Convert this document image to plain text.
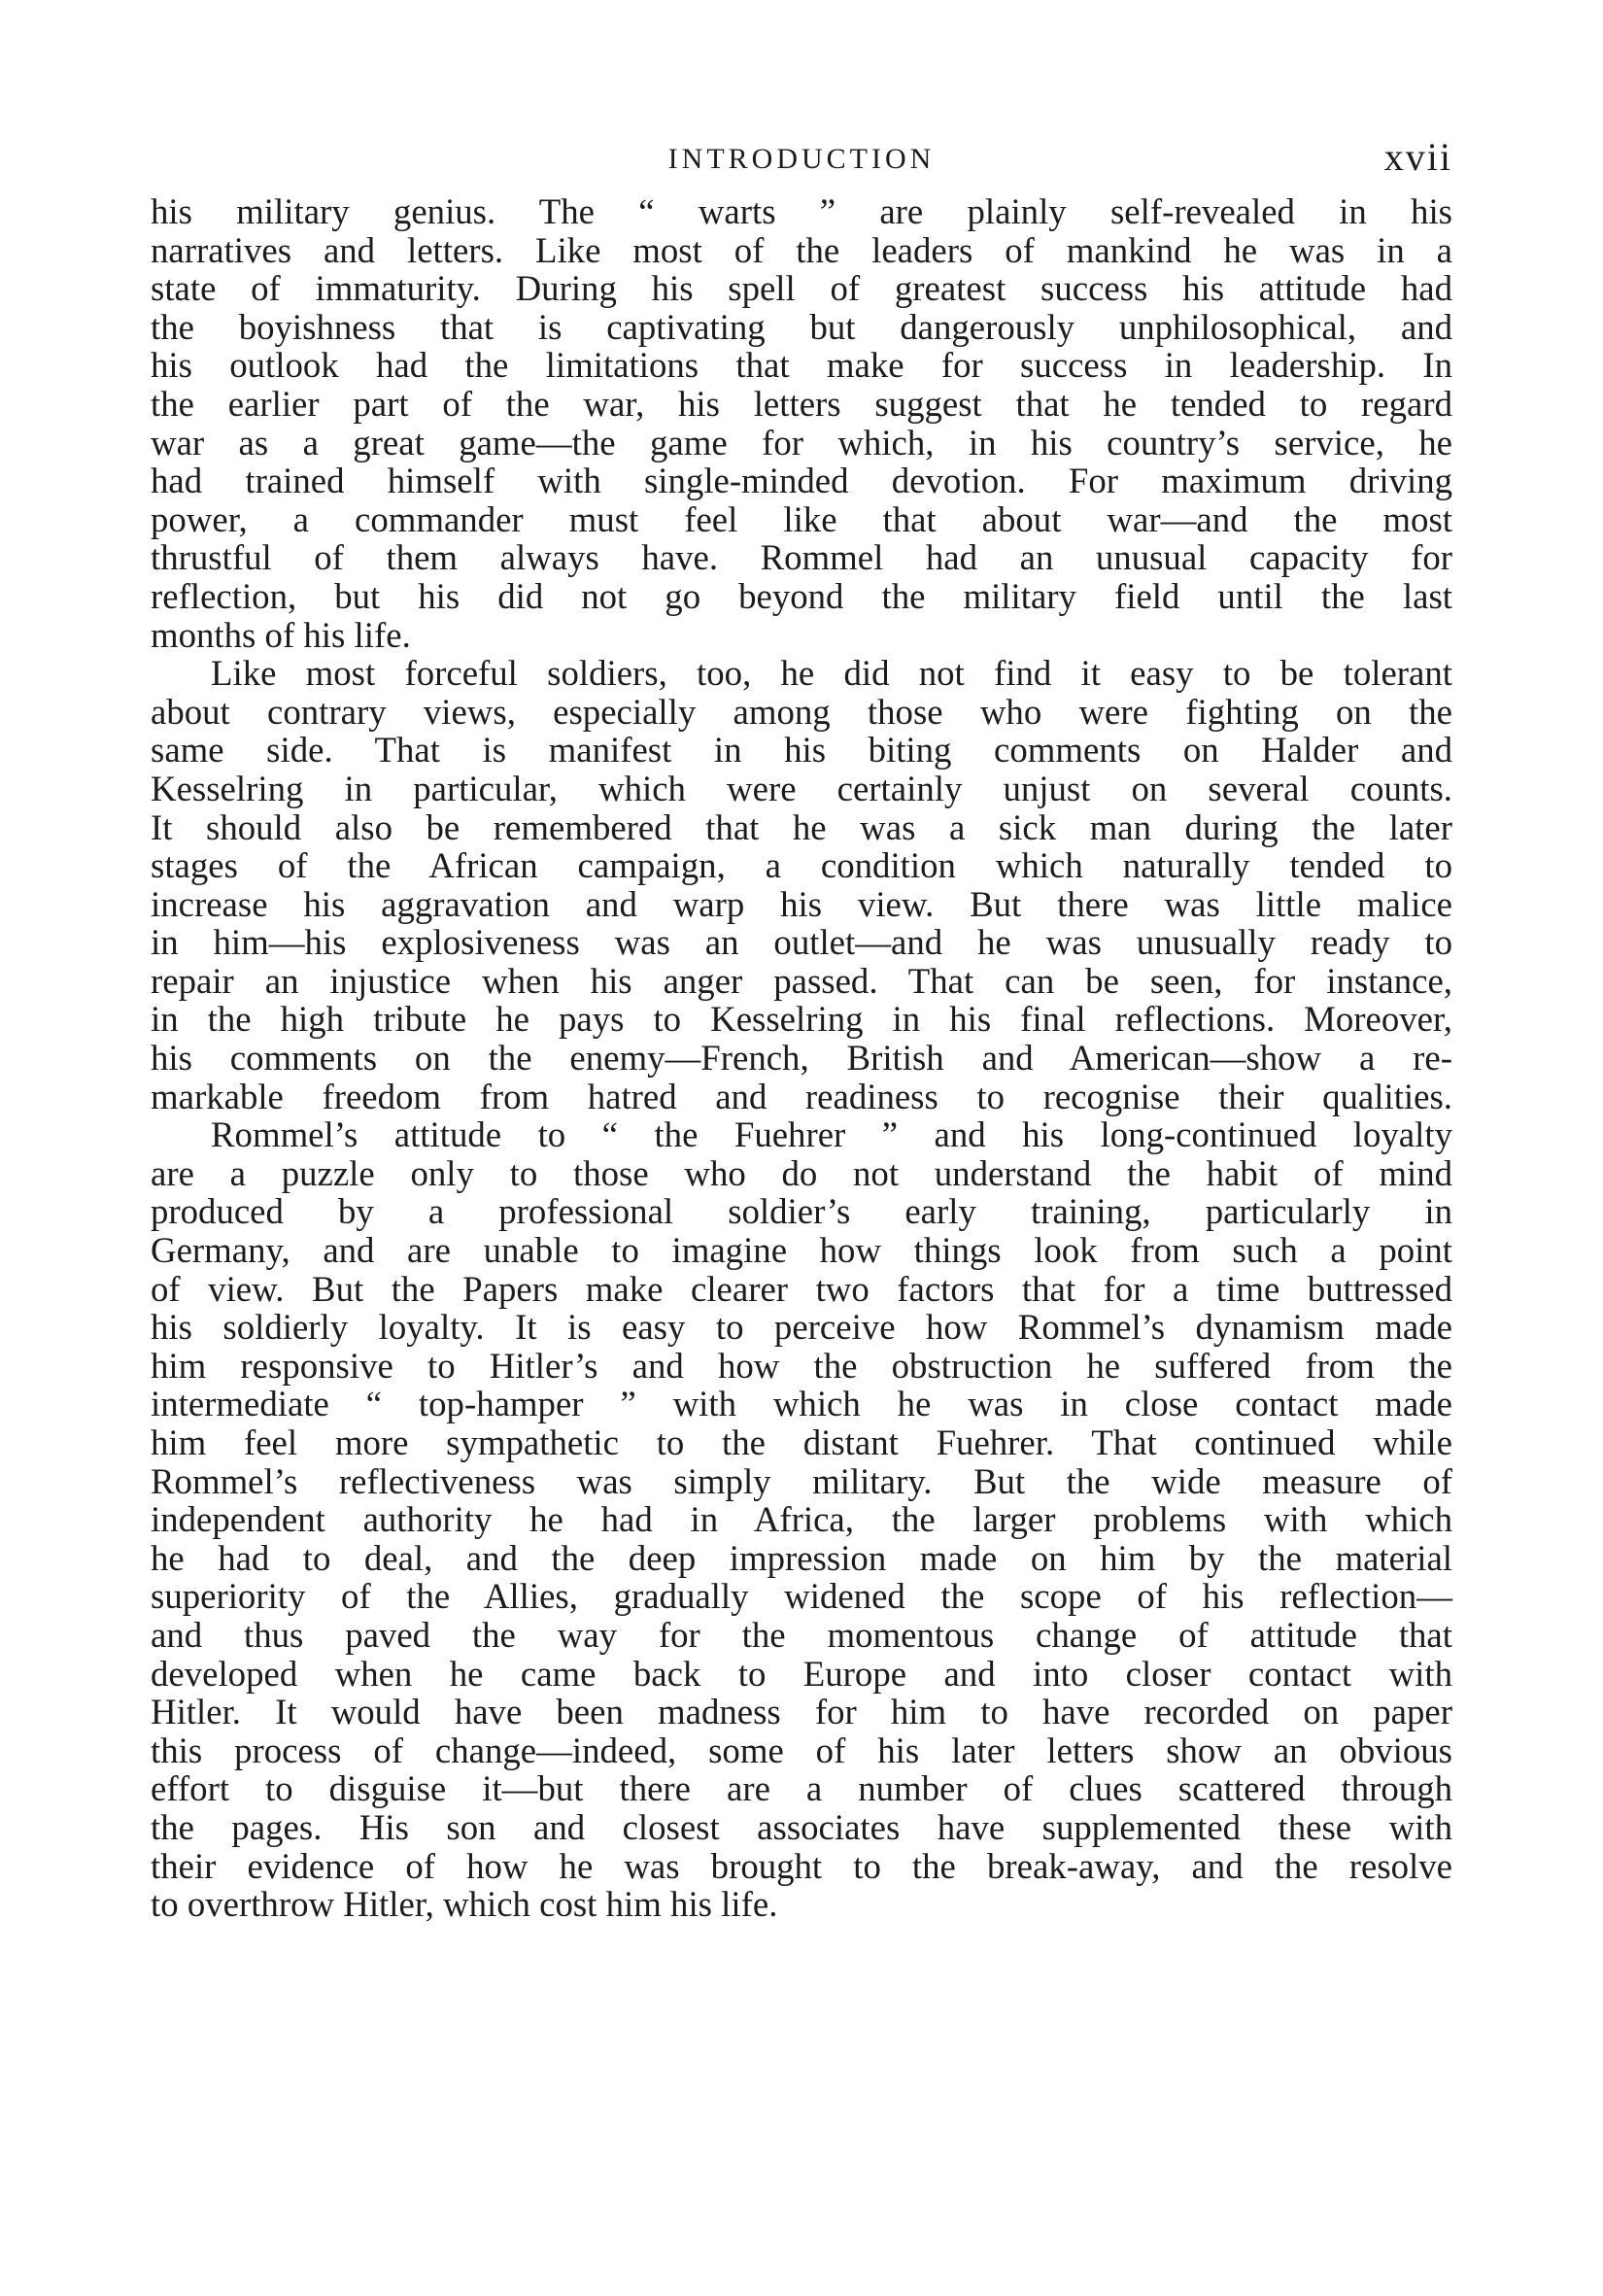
INTRODUCTION	xvii

his military genius. The “ warts ” are plainly self-revealed in his
narratives and letters. Like most of the leaders of mankind he was in a
state of immaturity. During his spell of greatest success his attitude had
the boyishness that is captivating but dangerously unphilosophical, and
his outlook had the limitations that make for success in leadership. In
the earlier part of the war, his letters suggest that he tended to regard
war as a great game—the game for which, in his country’s service, he
had trained himself with single-minded devotion. For maximum driving
power, a commander must feel like that about war—and the most
thrustful of them always have. Rommel had an unusual capacity for
reflection, but his did not go beyond the military field until the last
months of his life.

Like most forceful soldiers, too, he did not find it easy to be tolerant
about contrary views, especially among those who were fighting on the
same side. That is manifest in his biting comments on Halder and
Kesselring in particular, which were certainly unjust on several counts.
It should also be remembered that he was a sick man during the later
stages of the African campaign, a condition which naturally tended to
increase his aggravation and warp his view. But there was little malice
in him—his explosiveness was an outlet—and he was unusually ready to
repair an injustice when his anger passed. That can be seen, for instance,
in the high tribute he pays to Kesselring in his final reflections. Moreover,
his comments on the enemy—French, British and American—show a re-
markable freedom from hatred and readiness to recognise their qualities.

Rommel’s attitude to “ the Fuehrer ” and his long-continued loyalty
are a puzzle only to those who do not understand the habit of mind
produced by a professional soldier’s early training, particularly in
Germany, and are unable to imagine how things look from such a point
of view. But the Papers make clearer two factors that for a time buttressed
his soldierly loyalty. It is easy to perceive how Rommel’s dynamism made
him responsive to Hitler’s and how the obstruction he suffered from the
intermediate “ top-hamper ” with which he was in close contact made
him feel more sympathetic to the distant Fuehrer. That continued while
Rommel’s reflectiveness was simply military. But the wide measure of
independent authority he had in Africa, the larger problems with which
he had to deal, and the deep impression made on him by the material
superiority of the Allies, gradually widened the scope of his reflection—
and thus paved the way for the momentous change of attitude that
developed when he came back to Europe and into closer contact with
Hitler. It would have been madness for him to have recorded on paper
this process of change—indeed, some of his later letters show an obvious
effort to disguise it—but there are a number of clues scattered through
the pages. His son and closest associates have supplemented these with
their evidence of how he was brought to the break-away, and the resolve
to overthrow Hitler, which cost him his life.
